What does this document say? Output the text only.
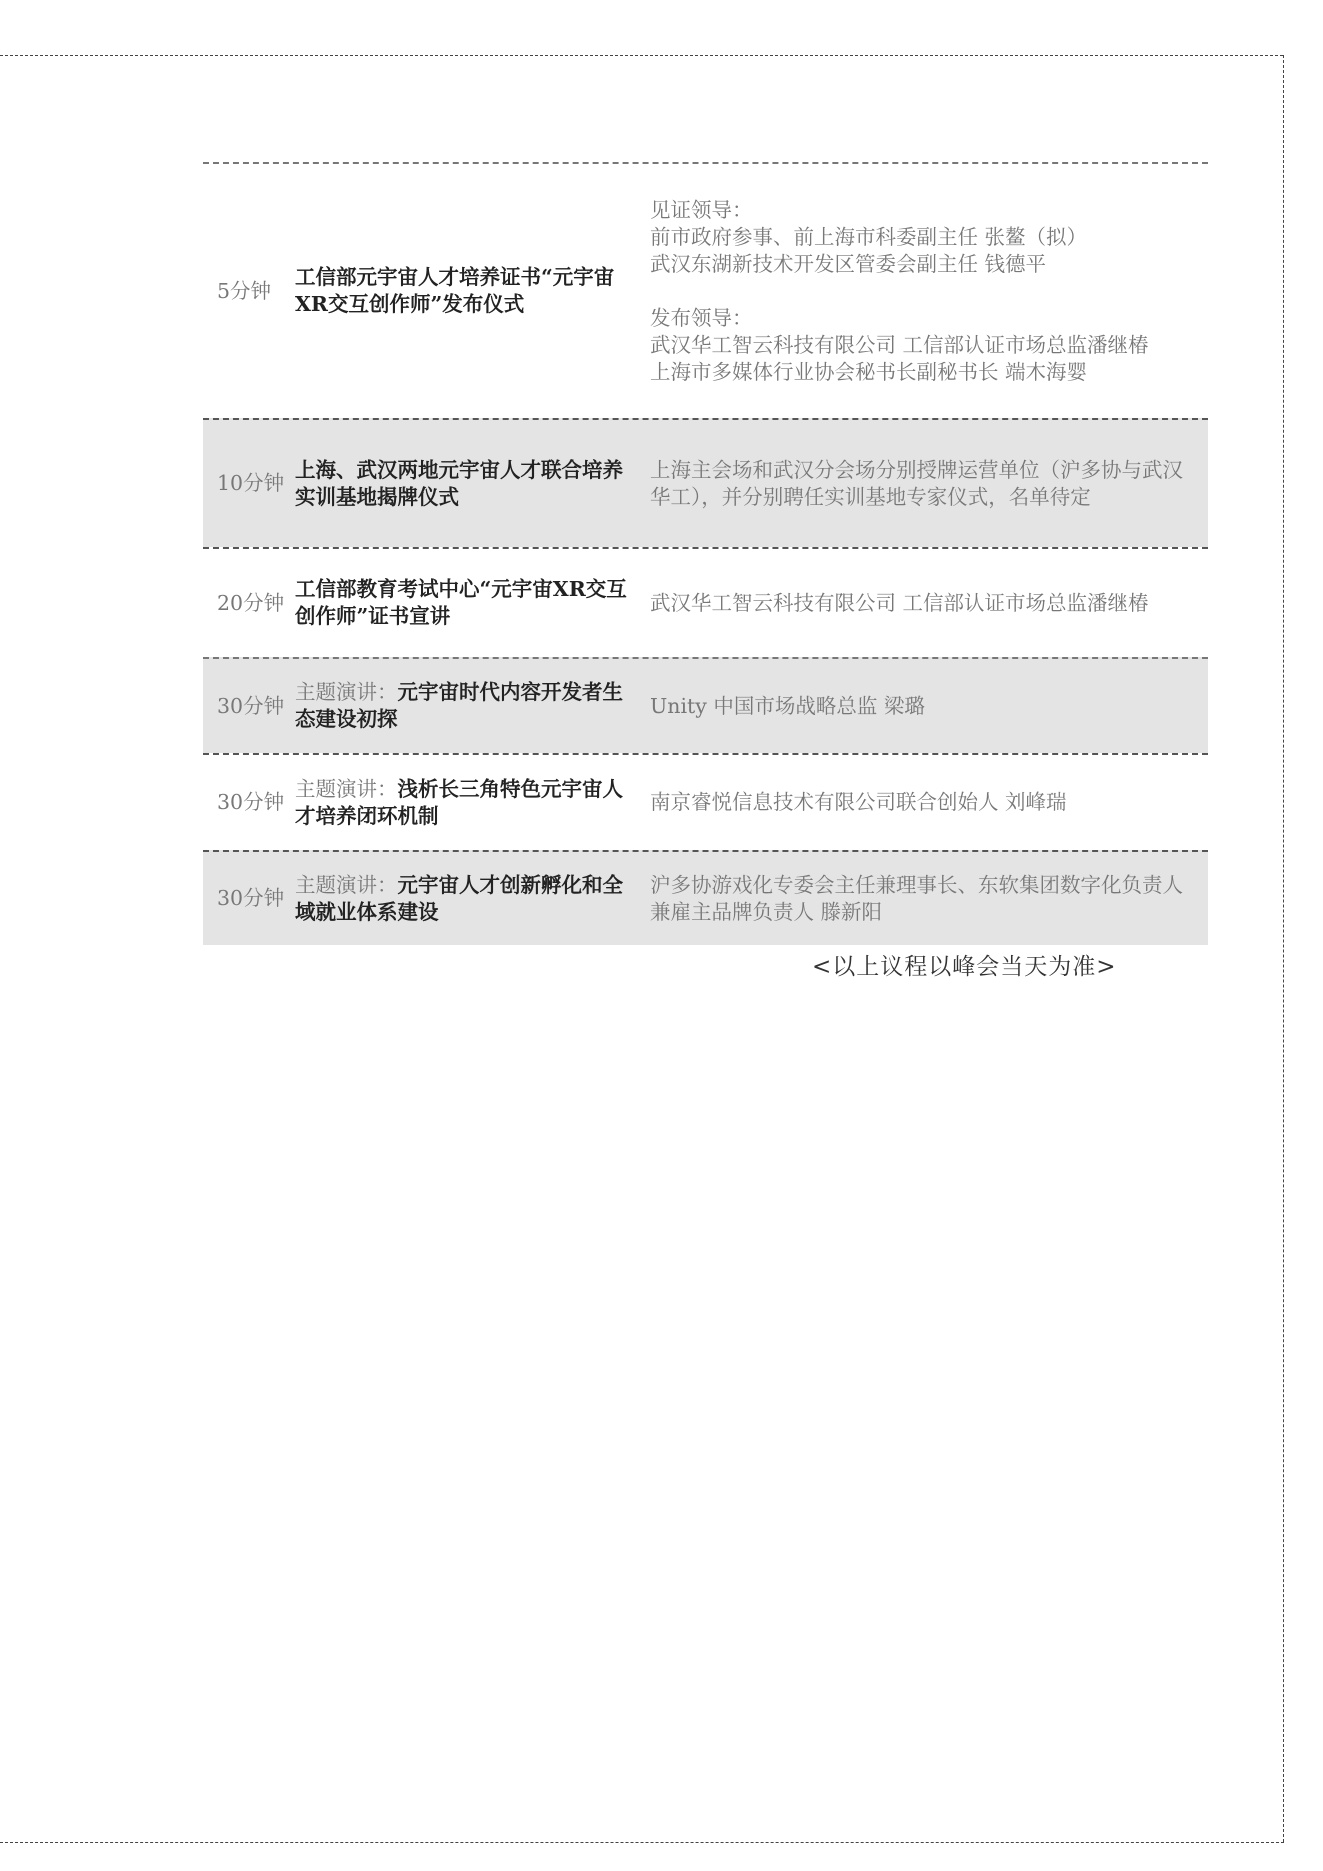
5分钟
工信部元宇宙人才培养证书“元宇宙XR交互创作师”发布仪式
见证领导：
前市政府参事、前上海市科委副主任 张鳌（拟）
武汉东湖新技术开发区管委会副主任 钱德平
发布领导：
武汉华工智云科技有限公司 工信部认证市场总监潘继椿
上海市多媒体行业协会秘书长副秘书长 端木海婴
10分钟
上海、武汉两地元宇宙人才联合培养实训基地揭牌仪式
上海主会场和武汉分会场分别授牌运营单位（沪多协与武汉华工），并分别聘任实训基地专家仪式，名单待定
20分钟
工信部教育考试中心“元宇宙XR交互创作师”证书宣讲
武汉华工智云科技有限公司 工信部认证市场总监潘继椿
30分钟
主题演讲：元宇宙时代内容开发者生态建设初探
Unity 中国市场战略总监 梁璐
30分钟
主题演讲：浅析长三角特色元宇宙人才培养闭环机制
南京睿悦信息技术有限公司联合创始人 刘峰瑞
30分钟
主题演讲：元宇宙人才创新孵化和全域就业体系建设
沪多协游戏化专委会主任兼理事长、东软集团数字化负责人兼雇主品牌负责人 滕新阳
<以上议程以峰会当天为准>
